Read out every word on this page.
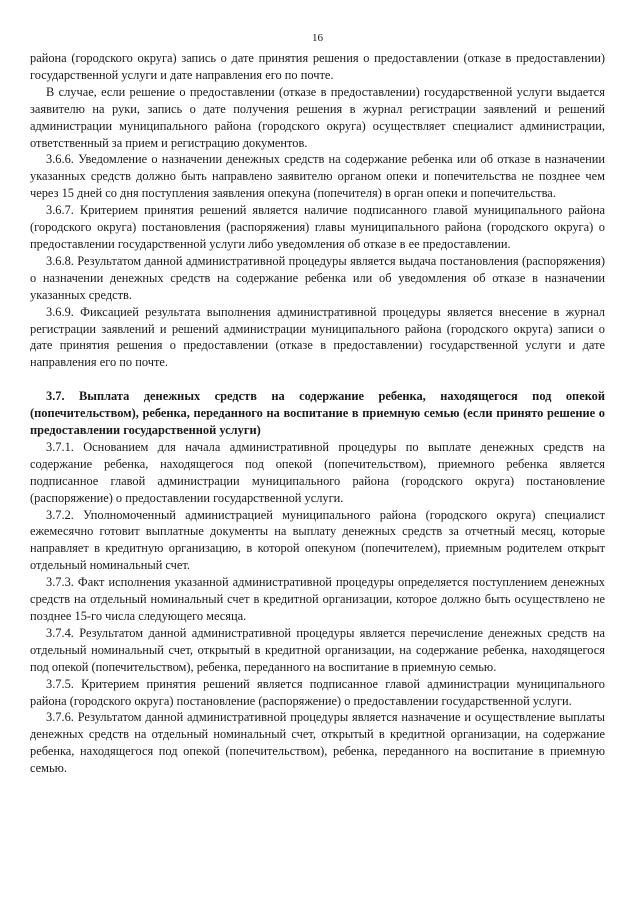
16

района (городского округа) запись о дате принятия решения о предоставлении (отказе в предоставлении) государственной услуги и дате направления его по почте.

В случае, если решение о предоставлении (отказе в предоставлении) государственной услуги выдается заявителю на руки, запись о дате получения решения в журнал регистрации заявлений и решений администрации муниципального района (городского округа) осуществляет специалист администрации, ответственный за прием и регистрацию документов.

3.6.6. Уведомление о назначении денежных средств на содержание ребенка или об отказе в назначении указанных средств должно быть направлено заявителю органом опеки и попечительства не позднее чем через 15 дней со дня поступления заявления опекуна (попечителя) в орган опеки и попечительства.

3.6.7. Критерием принятия решений является наличие подписанного главой муниципального района (городского округа) постановления (распоряжения) главы муниципального района (городского округа) о предоставлении государственной услуги либо уведомления об отказе в ее предоставлении.

3.6.8. Результатом данной административной процедуры является выдача постановления (распоряжения) о назначении денежных средств на содержание ребенка или об уведомления об отказе в назначении указанных средств.

3.6.9. Фиксацией результата выполнения административной процедуры является внесение в журнал регистрации заявлений и решений администрации муниципального района (городского округа) записи о дате принятия решения о предоставлении (отказе в предоставлении) государственной услуги и дате направления его по почте.

3.7. Выплата денежных средств на содержание ребенка, находящегося под опекой (попечительством), ребенка, переданного на воспитание в приемную семью (если принято решение о предоставлении государственной услуги)

3.7.1. Основанием для начала административной процедуры по выплате денежных средств на содержание ребенка, находящегося под опекой (попечительством), приемного ребенка является подписанное главой администрации муниципального района (городского округа) постановление (распоряжение) о предоставлении государственной услуги.

3.7.2. Уполномоченный администрацией муниципального района (городского округа) специалист ежемесячно готовит выплатные документы на выплату денежных средств за отчетный месяц, которые направляет в кредитную организацию, в которой опекуном (попечителем), приемным родителем открыт отдельный номинальный счет.

3.7.3. Факт исполнения указанной административной процедуры определяется поступлением денежных средств на отдельный номинальный счет в кредитной организации, которое должно быть осуществлено не позднее 15-го числа следующего месяца.

3.7.4. Результатом данной административной процедуры является перечисление денежных средств на отдельный номинальный счет, открытый в кредитной организации, на содержание ребенка, находящегося под опекой (попечительством), ребенка, переданного на воспитание в приемную семью.

3.7.5. Критерием принятия решений является подписанное главой администрации муниципального района (городского округа) постановление (распоряжение) о предоставлении государственной услуги.

3.7.6. Результатом данной административной процедуры является назначение и осуществление выплаты денежных средств на отдельный номинальный счет, открытый в кредитной организации, на содержание ребенка, находящегося под опекой (попечительством), ребенка, переданного на воспитание в приемную семью.
